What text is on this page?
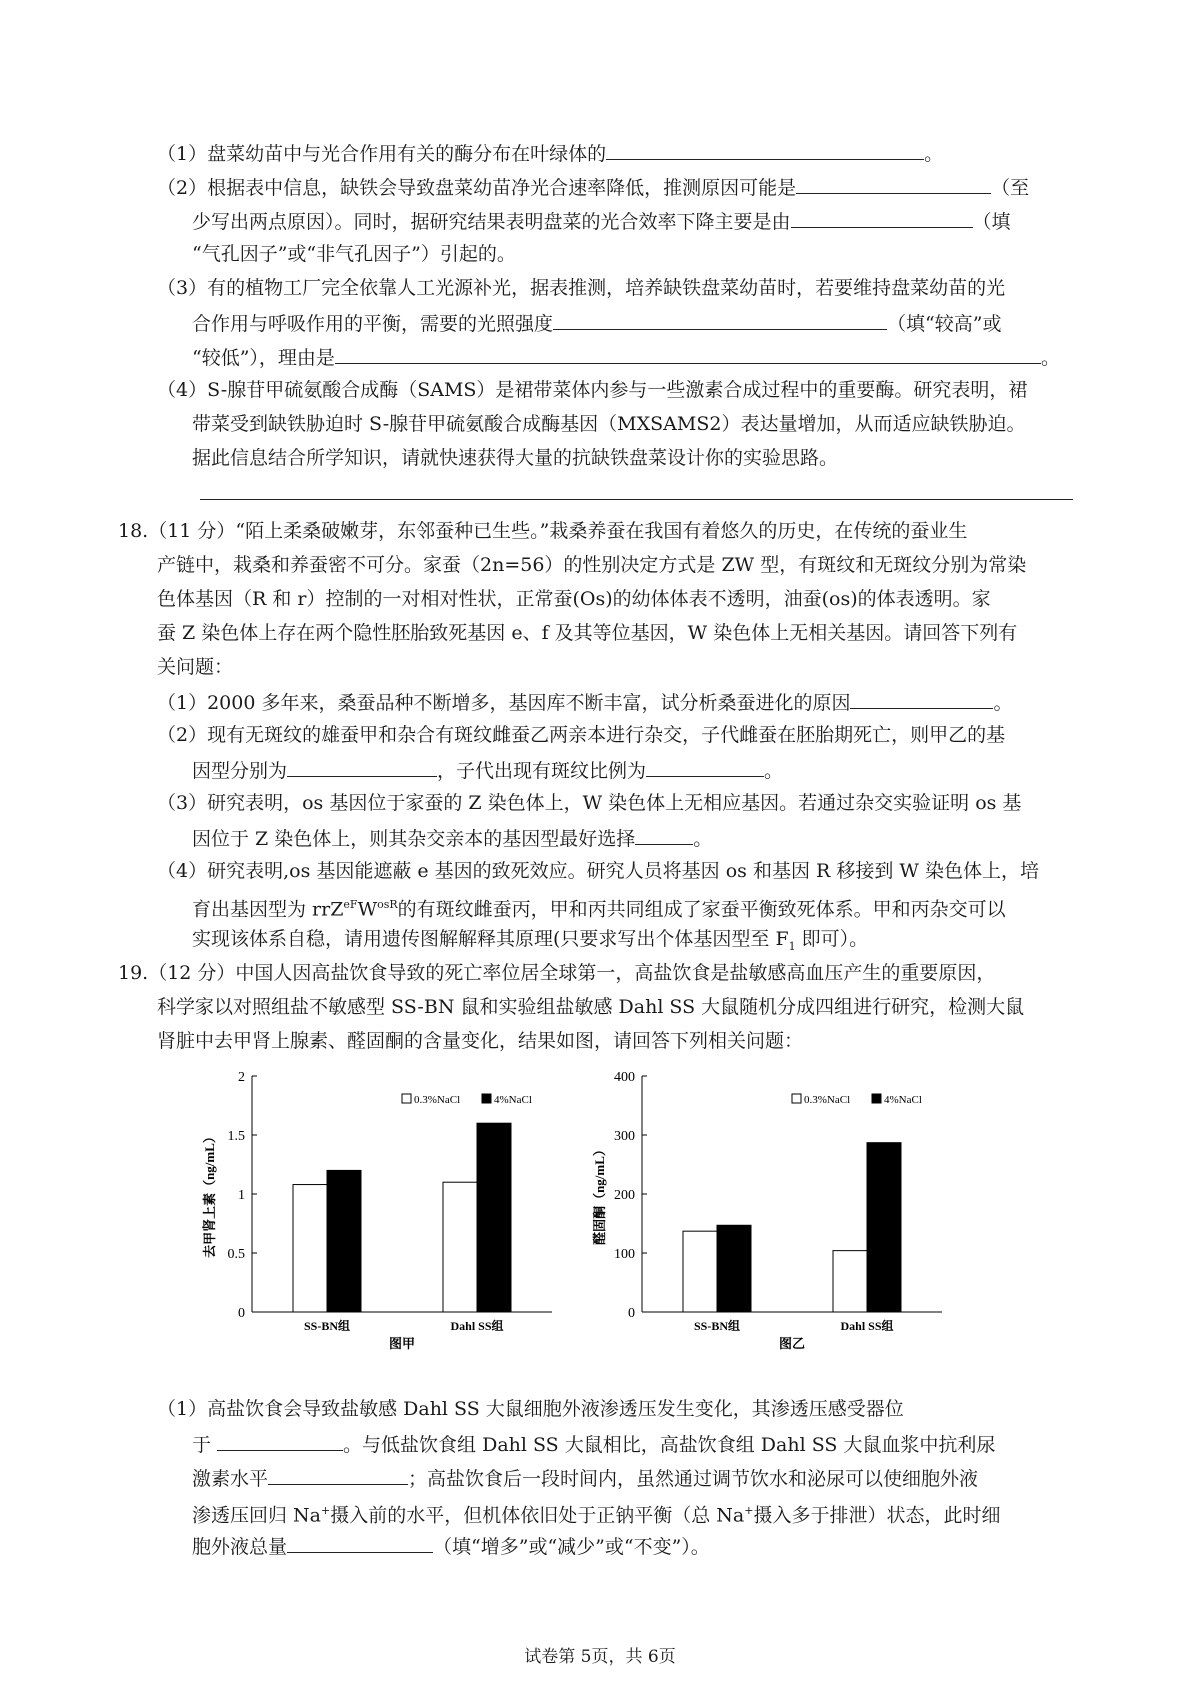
（1）盘菜幼苗中与光合作用有关的酶分布在叶绿体的	。
（2）根据表中信息，缺铁会导致盘菜幼苗净光合速率降低，推测原因可能是	（至
少写出两点原因）。同时，据研究结果表明盘菜的光合效率下降主要是由	（填
“气孔因子”或“非气孔因子”）引起的。
（3）有的植物工厂完全依靠人工光源补光，据表推测，培养缺铁盘菜幼苗时，若要维持盘菜幼苗的光
合作用与呼吸作用的平衡，需要的光照强度	（填“较高”或
“较低”），理由是	。
（4）S-腺苷甲硫氨酸合成酶（SAMS）是裙带菜体内参与一些激素合成过程中的重要酶。研究表明，裙
带菜受到缺铁胁迫时 S-腺苷甲硫氨酸合成酶基因（MXSAMS2）表达量增加，从而适应缺铁胁迫。
据此信息结合所学知识，请就快速获得大量的抗缺铁盘菜设计你的实验思路。
18.（11 分）“陌上柔桑破嫩芽，东邻蚕种已生些。”栽桑养蚕在我国有着悠久的历史，在传统的蚕业生
产链中，栽桑和养蚕密不可分。家蚕（2n=56）的性别决定方式是 ZW 型，有斑纹和无斑纹分别为常染
色体基因（R 和 r）控制的一对相对性状，正常蚕(Os)的幼体体表不透明，油蚕(os)的体表透明。家
蚕 Z 染色体上存在两个隐性胚胎致死基因 e、f 及其等位基因，W 染色体上无相关基因。请回答下列有
关问题：
（1）2000 多年来，桑蚕品种不断增多，基因库不断丰富，试分析桑蚕进化的原因	。
（2）现有无斑纹的雄蚕甲和杂合有斑纹雌蚕乙两亲本进行杂交，子代雌蚕在胚胎期死亡，则甲乙的基
因型分别为	，子代出现有斑纹比例为	。
（3）研究表明，os 基因位于家蚕的 Z 染色体上，W 染色体上无相应基因。若通过杂交实验证明 os 基
因位于 Z 染色体上，则其杂交亲本的基因型最好选择	。
（4）研究表明,os 基因能遮蔽 e 基因的致死效应。研究人员将基因 os 和基因 R 移接到 W 染色体上，培
育出基因型为 $rrZ^{eF}W^{osR}$的有斑纹雌蚕丙，甲和丙共同组成了家蚕平衡致死体系。甲和丙杂交可以
实现该体系自稳，请用遗传图解解释其原理(只要求写出个体基因型至 $F_1$ 即可）。
19.（12 分）中国人因高盐饮食导致的死亡率位居全球第一，高盐饮食是盐敏感高血压产生的重要原因，
科学家以对照组盐不敏感型 SS-BN 鼠和实验组盐敏感 Dahl SS 大鼠随机分成四组进行研究，检测大鼠
肾脏中去甲肾上腺素、醛固酮的含量变化，结果如图，请回答下列相关问题：
去甲肾上素（ng/mL）
0
0.5
1
1.5
2
SS-BN组	Dahl SS组
0.3%NaCl	4%NaCl
图甲
醛固酮（ng/mL）
0
100
200
300
400
SS-BN组	Dahl SS组
0.3%NaCl	4%NaCl
图乙
（1）高盐饮食会导致盐敏感 Dahl SS 大鼠细胞外液渗透压发生变化，其渗透压感受器位
于	。与低盐饮食组 Dahl SS 大鼠相比，高盐饮食组 Dahl SS 大鼠血浆中抗利尿
激素水平	；高盐饮食后一段时间内，虽然通过调节饮水和泌尿可以使细胞外液
渗透压回归 Na+摄入前的水平，但机体依旧处于正钠平衡（总 Na+摄入多于排泄）状态，此时细
胞外液总量	（填“增多”或“减少”或“不变”）。
试卷第 5页，共 6页
